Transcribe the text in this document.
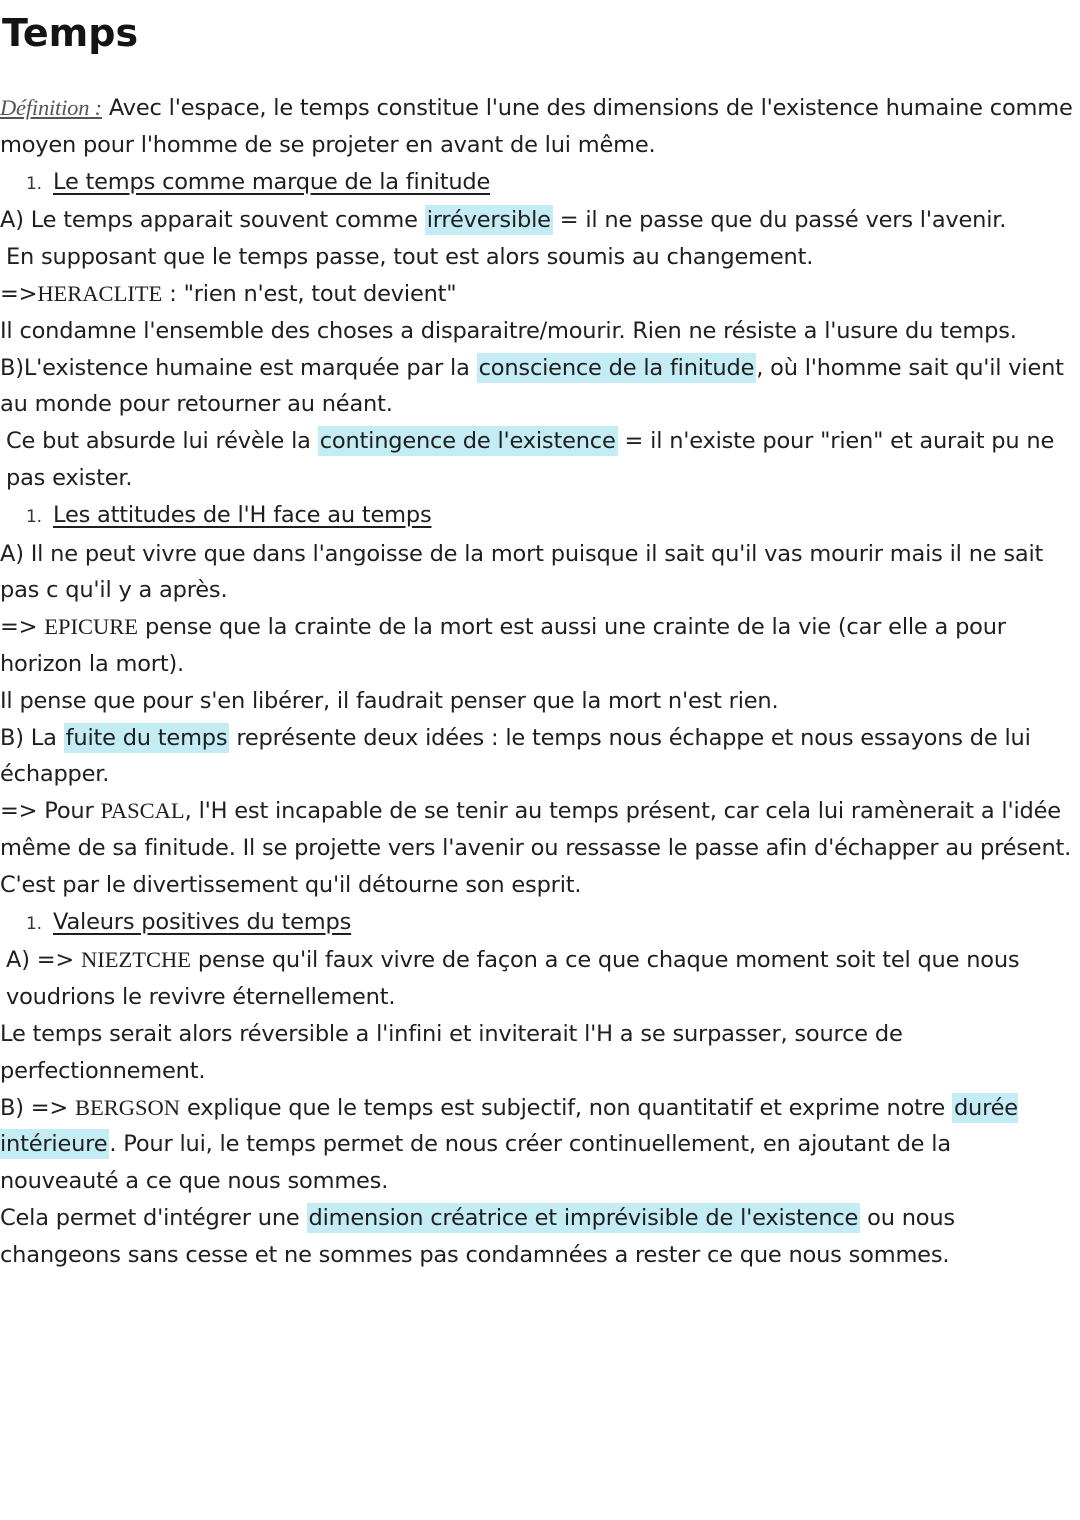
Temps

Définition : Avec l'espace, le temps constitue l'une des dimensions de l'existence humaine comme moyen pour l'homme de se projeter en avant de lui même.

1. Le temps comme marque de la finitude

A) Le temps apparait souvent comme irréversible = il ne passe que du passé vers l'avenir.

En supposant que le temps passe, tout est alors soumis au changement.

=>HERACLITE : "rien n'est, tout devient"

Il condamne l'ensemble des choses a disparaitre/mourir. Rien ne résiste a l'usure du temps.

B)L'existence humaine est marquée par la conscience de la finitude, où l'homme sait qu'il vient au monde pour retourner au néant.

Ce but absurde lui révèle la contingence de l'existence = il n'existe pour "rien" et aurait pu ne pas exister.

1. Les attitudes de l'H face au temps

A) Il ne peut vivre que dans l'angoisse de la mort puisque il sait qu'il vas mourir mais il ne sait pas c qu'il y a après.

=> EPICURE pense que la crainte de la mort est aussi une crainte de la vie (car elle a pour horizon la mort).

Il pense que pour s'en libérer, il faudrait penser que la mort n'est rien.

B) La fuite du temps représente deux idées : le temps nous échappe et nous essayons de lui échapper.

=> Pour PASCAL, l'H est incapable de se tenir au temps présent, car cela lui ramènerait a l'idée même de sa finitude. Il se projette vers l'avenir ou ressasse le passe afin d'échapper au présent.

C'est par le divertissement qu'il détourne son esprit.

1. Valeurs positives du temps

A) => NIEZTCHE pense qu'il faux vivre de façon a ce que chaque moment soit tel que nous voudrions le revivre éternellement.

Le temps serait alors réversible a l'infini et inviterait l'H a se surpasser, source de perfectionnement.

B) => BERGSON explique que le temps est subjectif, non quantitatif et exprime notre durée intérieure. Pour lui, le temps permet de nous créer continuellement, en ajoutant de la nouveauté a ce que nous sommes.

Cela permet d'intégrer une dimension créatrice et imprévisible de l'existence ou nous changeons sans cesse et ne sommes pas condamnées a rester ce que nous sommes.
